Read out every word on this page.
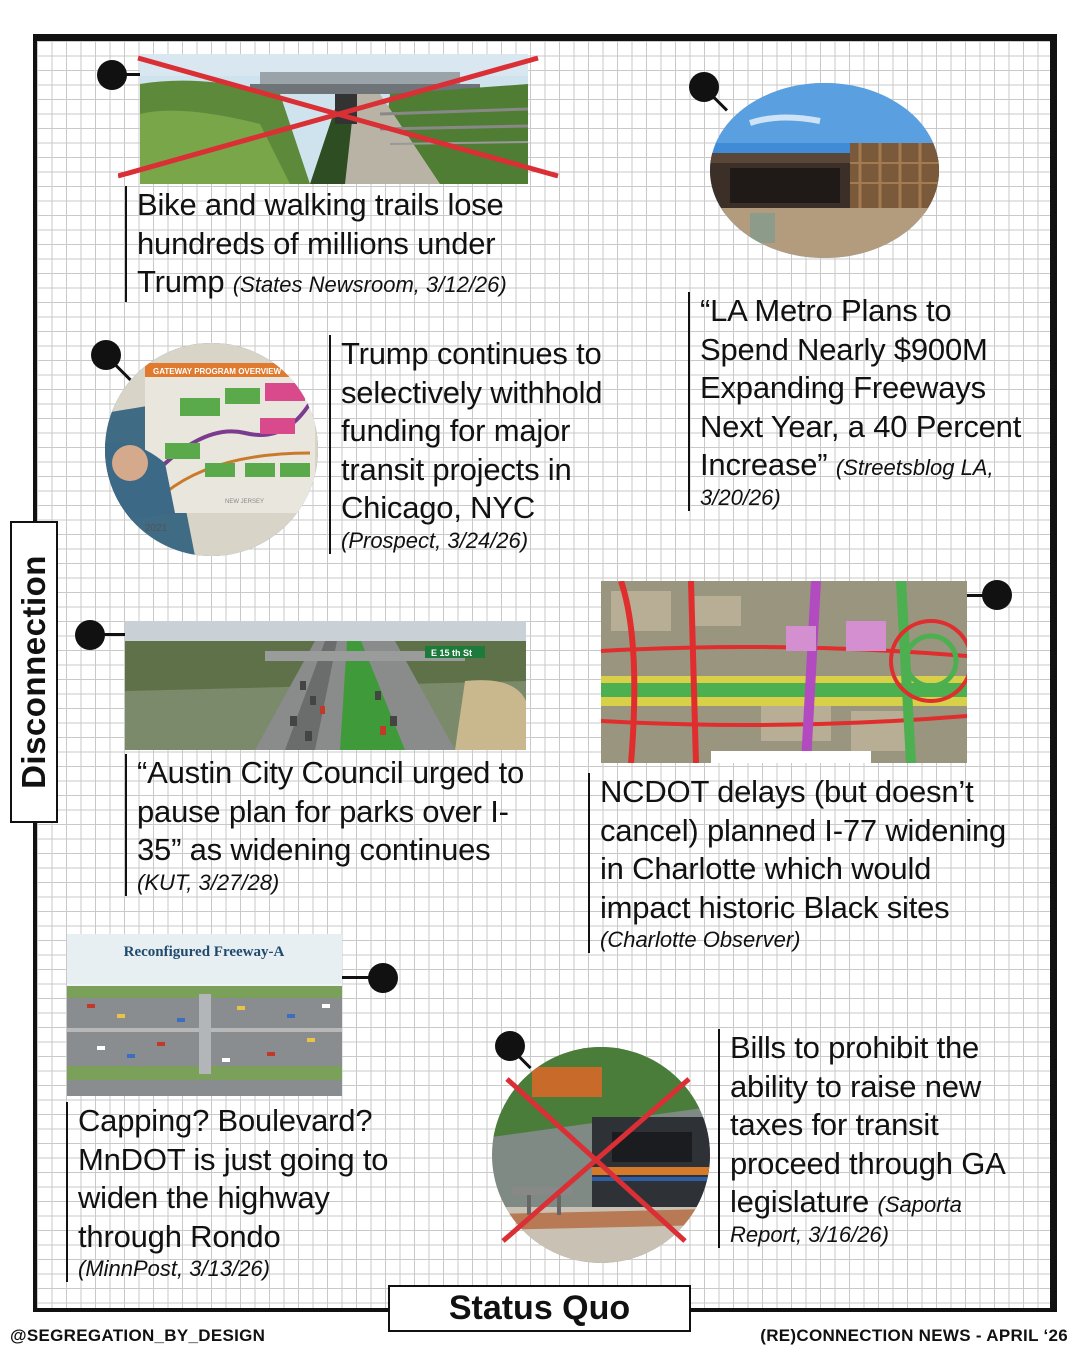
Bike and walking trails lose hundreds of millions under Trump (States Newsroom, 3/12/26)
“LA Metro Plans to Spend Nearly $900M Expanding Freeways Next Year, a 40 Percent Increase” (Streetsblog LA, 3/20/26)
GATEWAY PROGRAM OVERVIEW
NEW JERSEY
2021
Trump continues to selectively withhold funding for major transit projects in Chicago, NYC
(Prospect, 3/24/26)
E 15 th St
“Austin City Council urged to pause plan for parks over I-35” as widening continues
(KUT, 3/27/28)
NCDOT delays (but doesn’t cancel) planned I-77 widening in Charlotte which would impact historic Black sites (Charlotte Observer)
Reconfigured Freeway-A
Capping? Boulevard? MnDOT is just going to widen the highway through Rondo
(MinnPost, 3/13/26)
Bills to prohibit the ability to raise new taxes for transit proceed through GA legislature (Saporta Report, 3/16/26)
Disconnection
Status Quo
@SEGREGATION_BY_DESIGN	(RE)CONNECTION NEWS - APRIL ‘26
